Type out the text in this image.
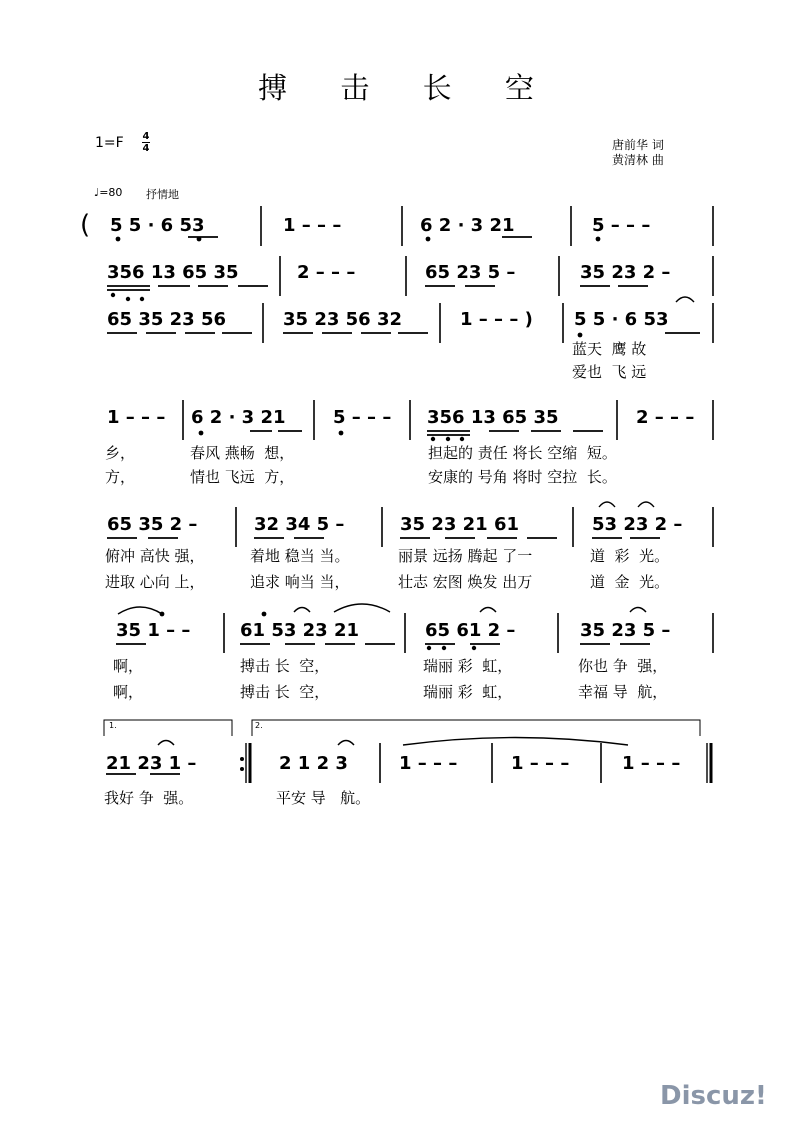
搏 击 长 空
1=F 4
4	唐前华 词
黄清林 曲
♩=80 抒情地
( 5 5 · 6 53	1 – – –	6 2 · 3 21	5 – – –
356 13 65 35	2 – – –	65 23 5 –	35 23 2 –
65 35 23 56	35 23 56 32	1 – – – ) 5 5 · 6 53
蓝天  鹰 故
爱也  飞 远
1 – – – 6 2 · 3 21	5 – – – 356 13 65 35	2 – – –
乡，	春风 燕畅  想，	担起的 责任 将长 空缩  短。
方，	情也 飞远  方，	安康的 号角 将时 空拉  长。
65 35 2 –	32 34 5 –	35 23 21 61	53 23 2 –
俯冲 高快 强，	着地 稳当 当。	丽景 远扬 腾起 了一	道  彩  光。
进取 心向 上，	追求 响当 当，	壮志 宏图 焕发 出万	道  金  光。
35 1 – –	61 53 23 21	65 61 2 –	35 23 5 –
啊，	搏击 长  空，	瑞丽 彩  虹，	你也 争  强，
啊，	搏击 长  空，	瑞丽 彩  虹，	幸福 导  航，
1.	2.
21 23 1 –	2 1 2 3	1 – – –	1 – – –	1 – – –
我好 争  强。	平安 导   航。
Discuz!
